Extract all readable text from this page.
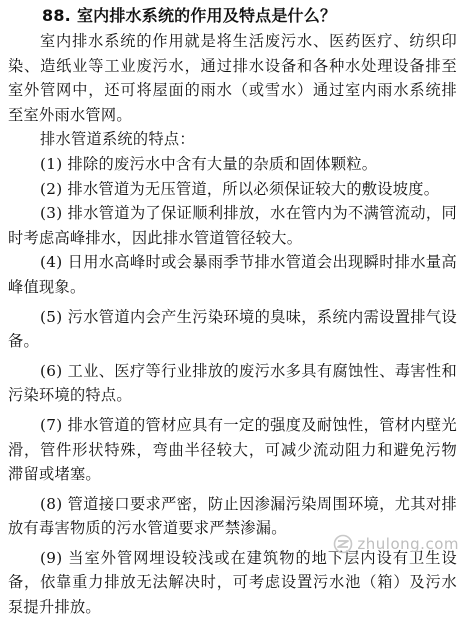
88. 室内排水系统的作用及特点是什么？

室内排水系统的作用就是将生活废污水、医药医疗、纺织印染、造纸业等工业废污水，通过排水设备和各种水处理设备排至室外管网中，还可将屋面的雨水（或雪水）通过室内雨水系统排至室外雨水管网。

排水管道系统的特点：

(1) 排除的废污水中含有大量的杂质和固体颗粒。

(2) 排水管道为无压管道，所以必须保证较大的敷设坡度。

(3) 排水管道为了保证顺利排放，水在管内为不满管流动，同时考虑高峰排水，因此排水管道管径较大。

(4) 日用水高峰时或会暴雨季节排水管道会出现瞬时排水量高峰值现象。

(5) 污水管道内会产生污染环境的臭味，系统内需设置排气设备。

(6) 工业、医疗等行业排放的废污水多具有腐蚀性、毒害性和污染环境的特点。

(7) 排水管道的管材应具有一定的强度及耐蚀性，管材内壁光滑，管件形状特殊，弯曲半径较大，可减少流动阻力和避免污物滞留或堵塞。

(8) 管道接口要求严密，防止因渗漏污染周围环境，尤其对排放有毒害物质的污水管道要求严禁渗漏。

(9) 当室外管网埋设较浅或在建筑物的地下层内设有卫生设备，依靠重力排放无法解决时，可考虑设置污水池（箱）及污水泵提升排放。

zhulong.com
